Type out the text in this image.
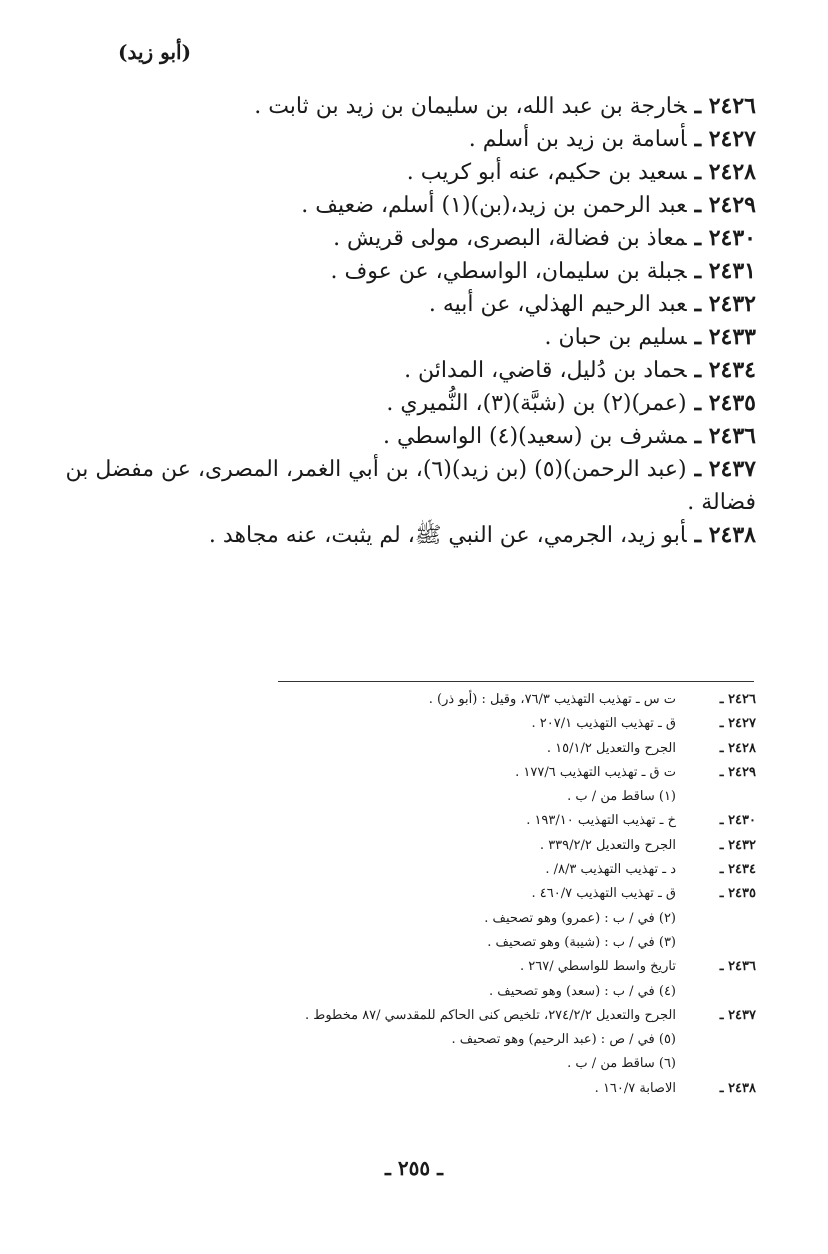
(أبو زيد)
٢٤٢٦ ـخارجة بن عبد الله، بن سليمان بن زيد بن ثابت .
٢٤٢٧ ـأسامة بن زيد بن أسلم .
٢٤٢٨ ـسعيد بن حكيم، عنه أبو كريب .
٢٤٢٩ ـعبد الرحمن بن زيد،(بن)(١) أسلم، ضعيف .
٢٤٣٠ ـمعاذ بن فضالة، البصرى، مولى قريش .
٢٤٣١ ـجبلة بن سليمان، الواسطي، عن عوف .
٢٤٣٢ ـعبد الرحيم الهذلي، عن أبيه .
٢٤٣٣ ـسليم بن حبان .
٢٤٣٤ ـحماد بن دُليل، قاضي، المدائن .
٢٤٣٥ ـ(عمر)(٢) بن (شبَّة)(٣)، النُّميري .
٢٤٣٦ ـمشرف بن (سعيد)(٤) الواسطي .
٢٤٣٧ ـ(عبد الرحمن)(٥) (بن زيد)(٦)، بن أبي الغمر، المصرى، عن مفضل بن فضالة .
٢٤٣٨ ـأبو زيد، الجرمي، عن النبي ﷺ، لم يثبت، عنه مجاهد .
٢٤٢٦ ـ
ت س ـ تهذيب التهذيب ٧٦/٣، وقيل : (أبو ذر) .
٢٤٢٧ ـ
ق ـ تهذيب التهذيب ٢٠٧/١ .
٢٤٢٨ ـ
الجرح والتعديل ١٥/١/٢ .
٢٤٢٩ ـ
ت ق ـ تهذيب التهذيب ١٧٧/٦ .
(١) ساقط من / ب .
٢٤٣٠ ـ
خ ـ تهذيب التهذيب ١٩٣/١٠ .
٢٤٣٢ ـ
الجرح والتعديل ٣٣٩/٢/٢ .
٢٤٣٤ ـ
د ـ تهذيب التهذيب ٨/٣/ .
٢٤٣٥ ـ
ق ـ تهذيب التهذيب ٤٦٠/٧ .
(٢) في / ب : (عمرو) وهو تصحيف .
(٣) في / ب : (شيبة) وهو تصحيف .
٢٤٣٦ ـ
تاريخ واسط للواسطي /٢٦٧ .
(٤) في / ب : (سعد) وهو تصحيف .
٢٤٣٧ ـ
الجرح والتعديل ٢٧٤/٢/٢، تلخيص كنى الحاكم للمقدسي /٨٧ مخطوط .
(٥) في / ص : (عبد الرحيم) وهو تصحيف .
(٦) ساقط من / ب .
٢٤٣٨ ـ
الاصابة ١٦٠/٧ .
ـ ٢٥٥ ـ
